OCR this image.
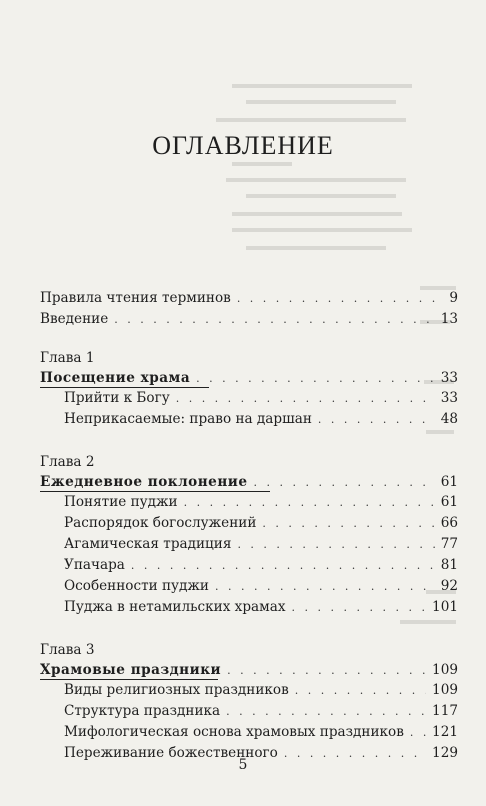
ОГЛАВЛЕНИЕ
Правила чтения терминов . . .	9
Введение . . .	13
Глава 1
Посещение храма . . .	33
Прийти к Богу . . .	33
Неприкасаемые: право на даршан . . .	48
Глава 2
Ежедневное поклонение . . .	61
Понятие пуджи . . .	61
Распорядок богослужений . . .	66
Агамическая традиция . . .	77
Упачара . . .	81
Особенности пуджи . . .	92
Пуджа в нетамильских храмах . . .	101
Глава 3
Храмовые праздники . . .	109
Виды религиозных праздников . . .	109
Структура праздника . . .	117
Мифологическая основа храмовых праздников . . . 121
Переживание божественного . . .	129
5
